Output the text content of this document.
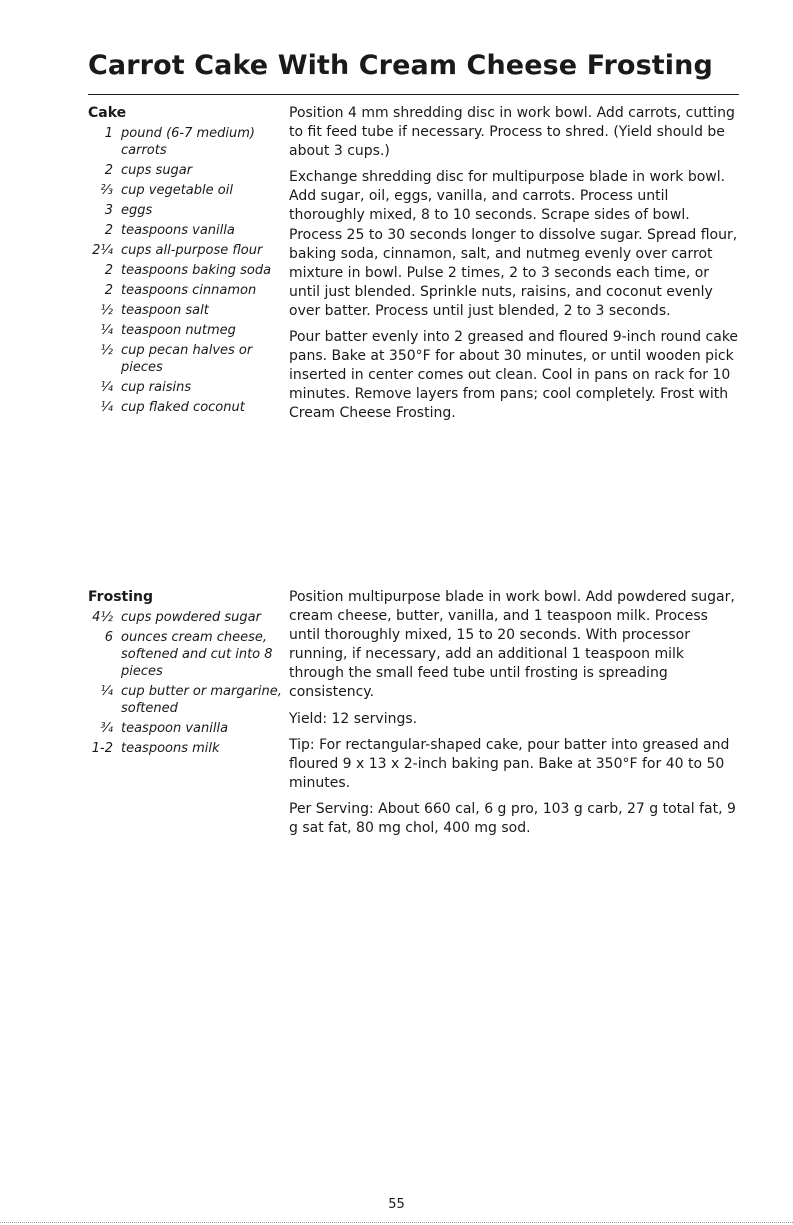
Carrot Cake With Cream Cheese Frosting
Cake
1 pound (6-7 medium) carrots
2 cups sugar
⅔ cup vegetable oil
3 eggs
2 teaspoons vanilla
2¼ cups all-purpose flour
2 teaspoons baking soda
2 teaspoons cinnamon
½ teaspoon salt
¼ teaspoon nutmeg
½ cup pecan halves or pieces
¼ cup raisins
¼ cup flaked coconut

Position 4 mm shredding disc in work bowl. Add carrots, cutting to fit feed tube if necessary. Process to shred. (Yield should be about 3 cups.)

Exchange shredding disc for multipurpose blade in work bowl. Add sugar, oil, eggs, vanilla, and carrots. Process until thoroughly mixed, 8 to 10 seconds. Scrape sides of bowl. Process 25 to 30 seconds longer to dissolve sugar. Spread flour, baking soda, cinnamon, salt, and nutmeg evenly over carrot mixture in bowl. Pulse 2 times, 2 to 3 seconds each time, or until just blended. Sprinkle nuts, raisins, and coconut evenly over batter. Process until just blended, 2 to 3 seconds.

Pour batter evenly into 2 greased and floured 9-inch round cake pans. Bake at 350°F for about 30 minutes, or until wooden pick inserted in center comes out clean. Cool in pans on rack for 10 minutes. Remove layers from pans; cool completely. Frost with Cream Cheese Frosting.

Frosting
4½ cups powdered sugar
6 ounces cream cheese, softened and cut into 8 pieces
¼ cup butter or margarine, softened
¾ teaspoon vanilla
1-2 teaspoons milk

Position multipurpose blade in work bowl. Add powdered sugar, cream cheese, butter, vanilla, and 1 teaspoon milk. Process until thoroughly mixed, 15 to 20 seconds. With processor running, if necessary, add an additional 1 teaspoon milk through the small feed tube until frosting is spreading consistency.

Yield: 12 servings.

Tip: For rectangular-shaped cake, pour batter into greased and floured 9 x 13 x 2-inch baking pan. Bake at 350°F for 40 to 50 minutes.

Per Serving: About 660 cal, 6 g pro, 103 g carb, 27 g total fat, 9 g sat fat, 80 mg chol, 400 mg sod.

55
